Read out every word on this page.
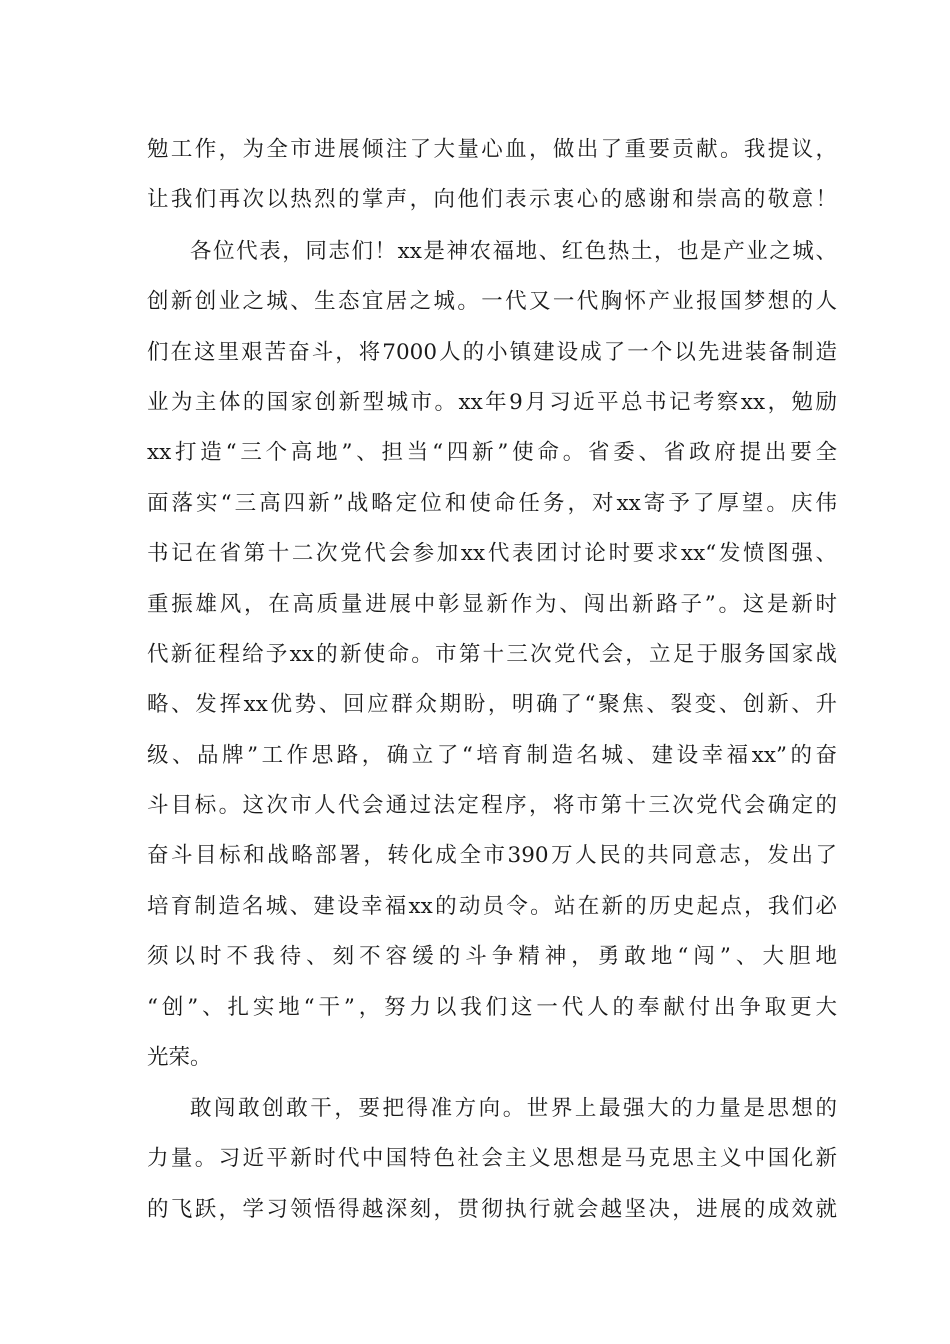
勉工作，为全市进展倾注了大量心血，做出了重要贡献。我提议，
让我们再次以热烈的掌声，向他们表示衷心的感谢和崇高的敬意！
各位代表，同志们！xx是神农福地、红色热土，也是产业之城、
创新创业之城、生态宜居之城。一代又一代胸怀产业报国梦想的人
们在这里艰苦奋斗，将7000人的小镇建设成了一个以先进装备制造
业为主体的国家创新型城市。xx年9月习近平总书记考察xx，勉励
xx打造“三个高地”、担当“四新”使命。省委、省政府提出要全
面落实“三高四新”战略定位和使命任务，对xx寄予了厚望。庆伟
书记在省第十二次党代会参加xx代表团讨论时要求xx“发愤图强、
重振雄风，在高质量进展中彰显新作为、闯出新路子”。这是新时
代新征程给予xx的新使命。市第十三次党代会，立足于服务国家战
略、发挥xx优势、回应群众期盼，明确了“聚焦、裂变、创新、升
级、品牌”工作思路，确立了“培育制造名城、建设幸福xx”的奋
斗目标。这次市人代会通过法定程序，将市第十三次党代会确定的
奋斗目标和战略部署，转化成全市390万人民的共同意志，发出了
培育制造名城、建设幸福xx的动员令。站在新的历史起点，我们必
须以时不我待、刻不容缓的斗争精神，勇敢地“闯”、大胆地
“创”、扎实地“干”，努力以我们这一代人的奉献付出争取更大
光荣。
敢闯敢创敢干，要把得准方向。世界上最强大的力量是思想的
力量。习近平新时代中国特色社会主义思想是马克思主义中国化新
的飞跃，学习领悟得越深刻，贯彻执行就会越坚决，进展的成效就
